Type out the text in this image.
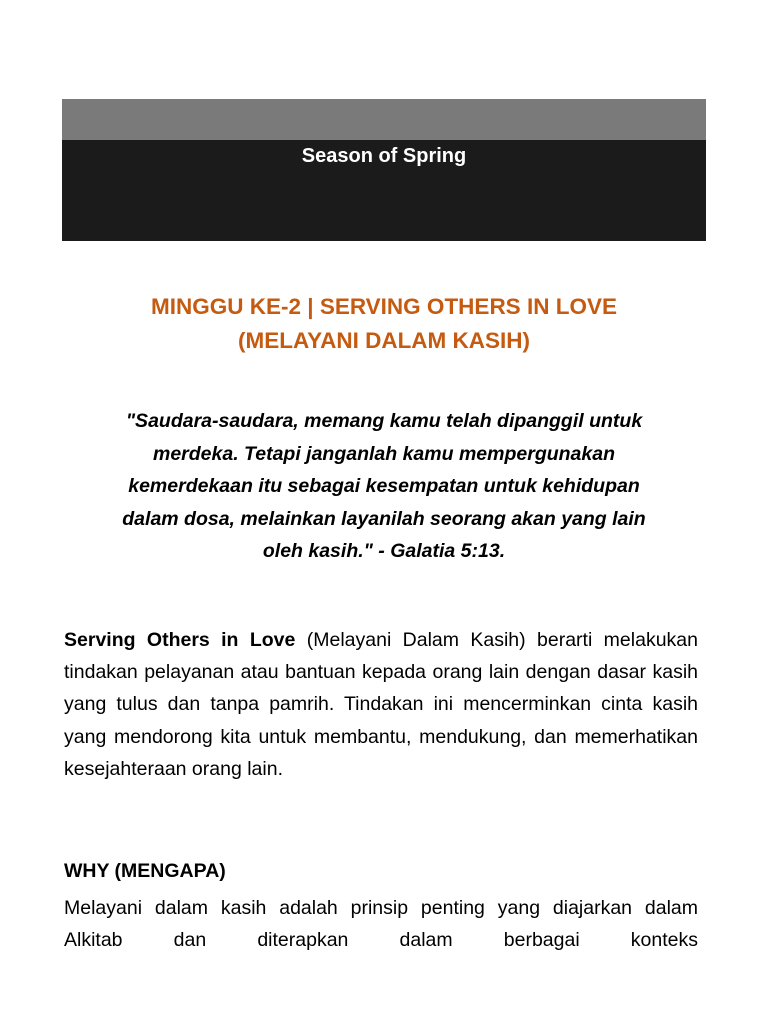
Season of Spring
MINGGU KE-2 | SERVING OTHERS IN LOVE
(MELAYANI DALAM KASIH)
"Saudara-saudara, memang kamu telah dipanggil untuk
merdeka. Tetapi janganlah kamu mempergunakan
kemerdekaan itu sebagai kesempatan untuk kehidupan
dalam dosa, melainkan layanilah seorang akan yang lain
oleh kasih." - Galatia 5:13.
Serving Others in Love (Melayani Dalam Kasih) berarti melakukan tindakan pelayanan atau bantuan kepada orang lain dengan dasar kasih yang tulus dan tanpa pamrih. Tindakan ini mencerminkan cinta kasih yang mendorong kita untuk membantu, mendukung, dan memerhatikan kesejahteraan orang lain.
WHY (MENGAPA)
Melayani dalam kasih adalah prinsip penting yang diajarkan dalam Alkitab dan diterapkan dalam berbagai konteks
